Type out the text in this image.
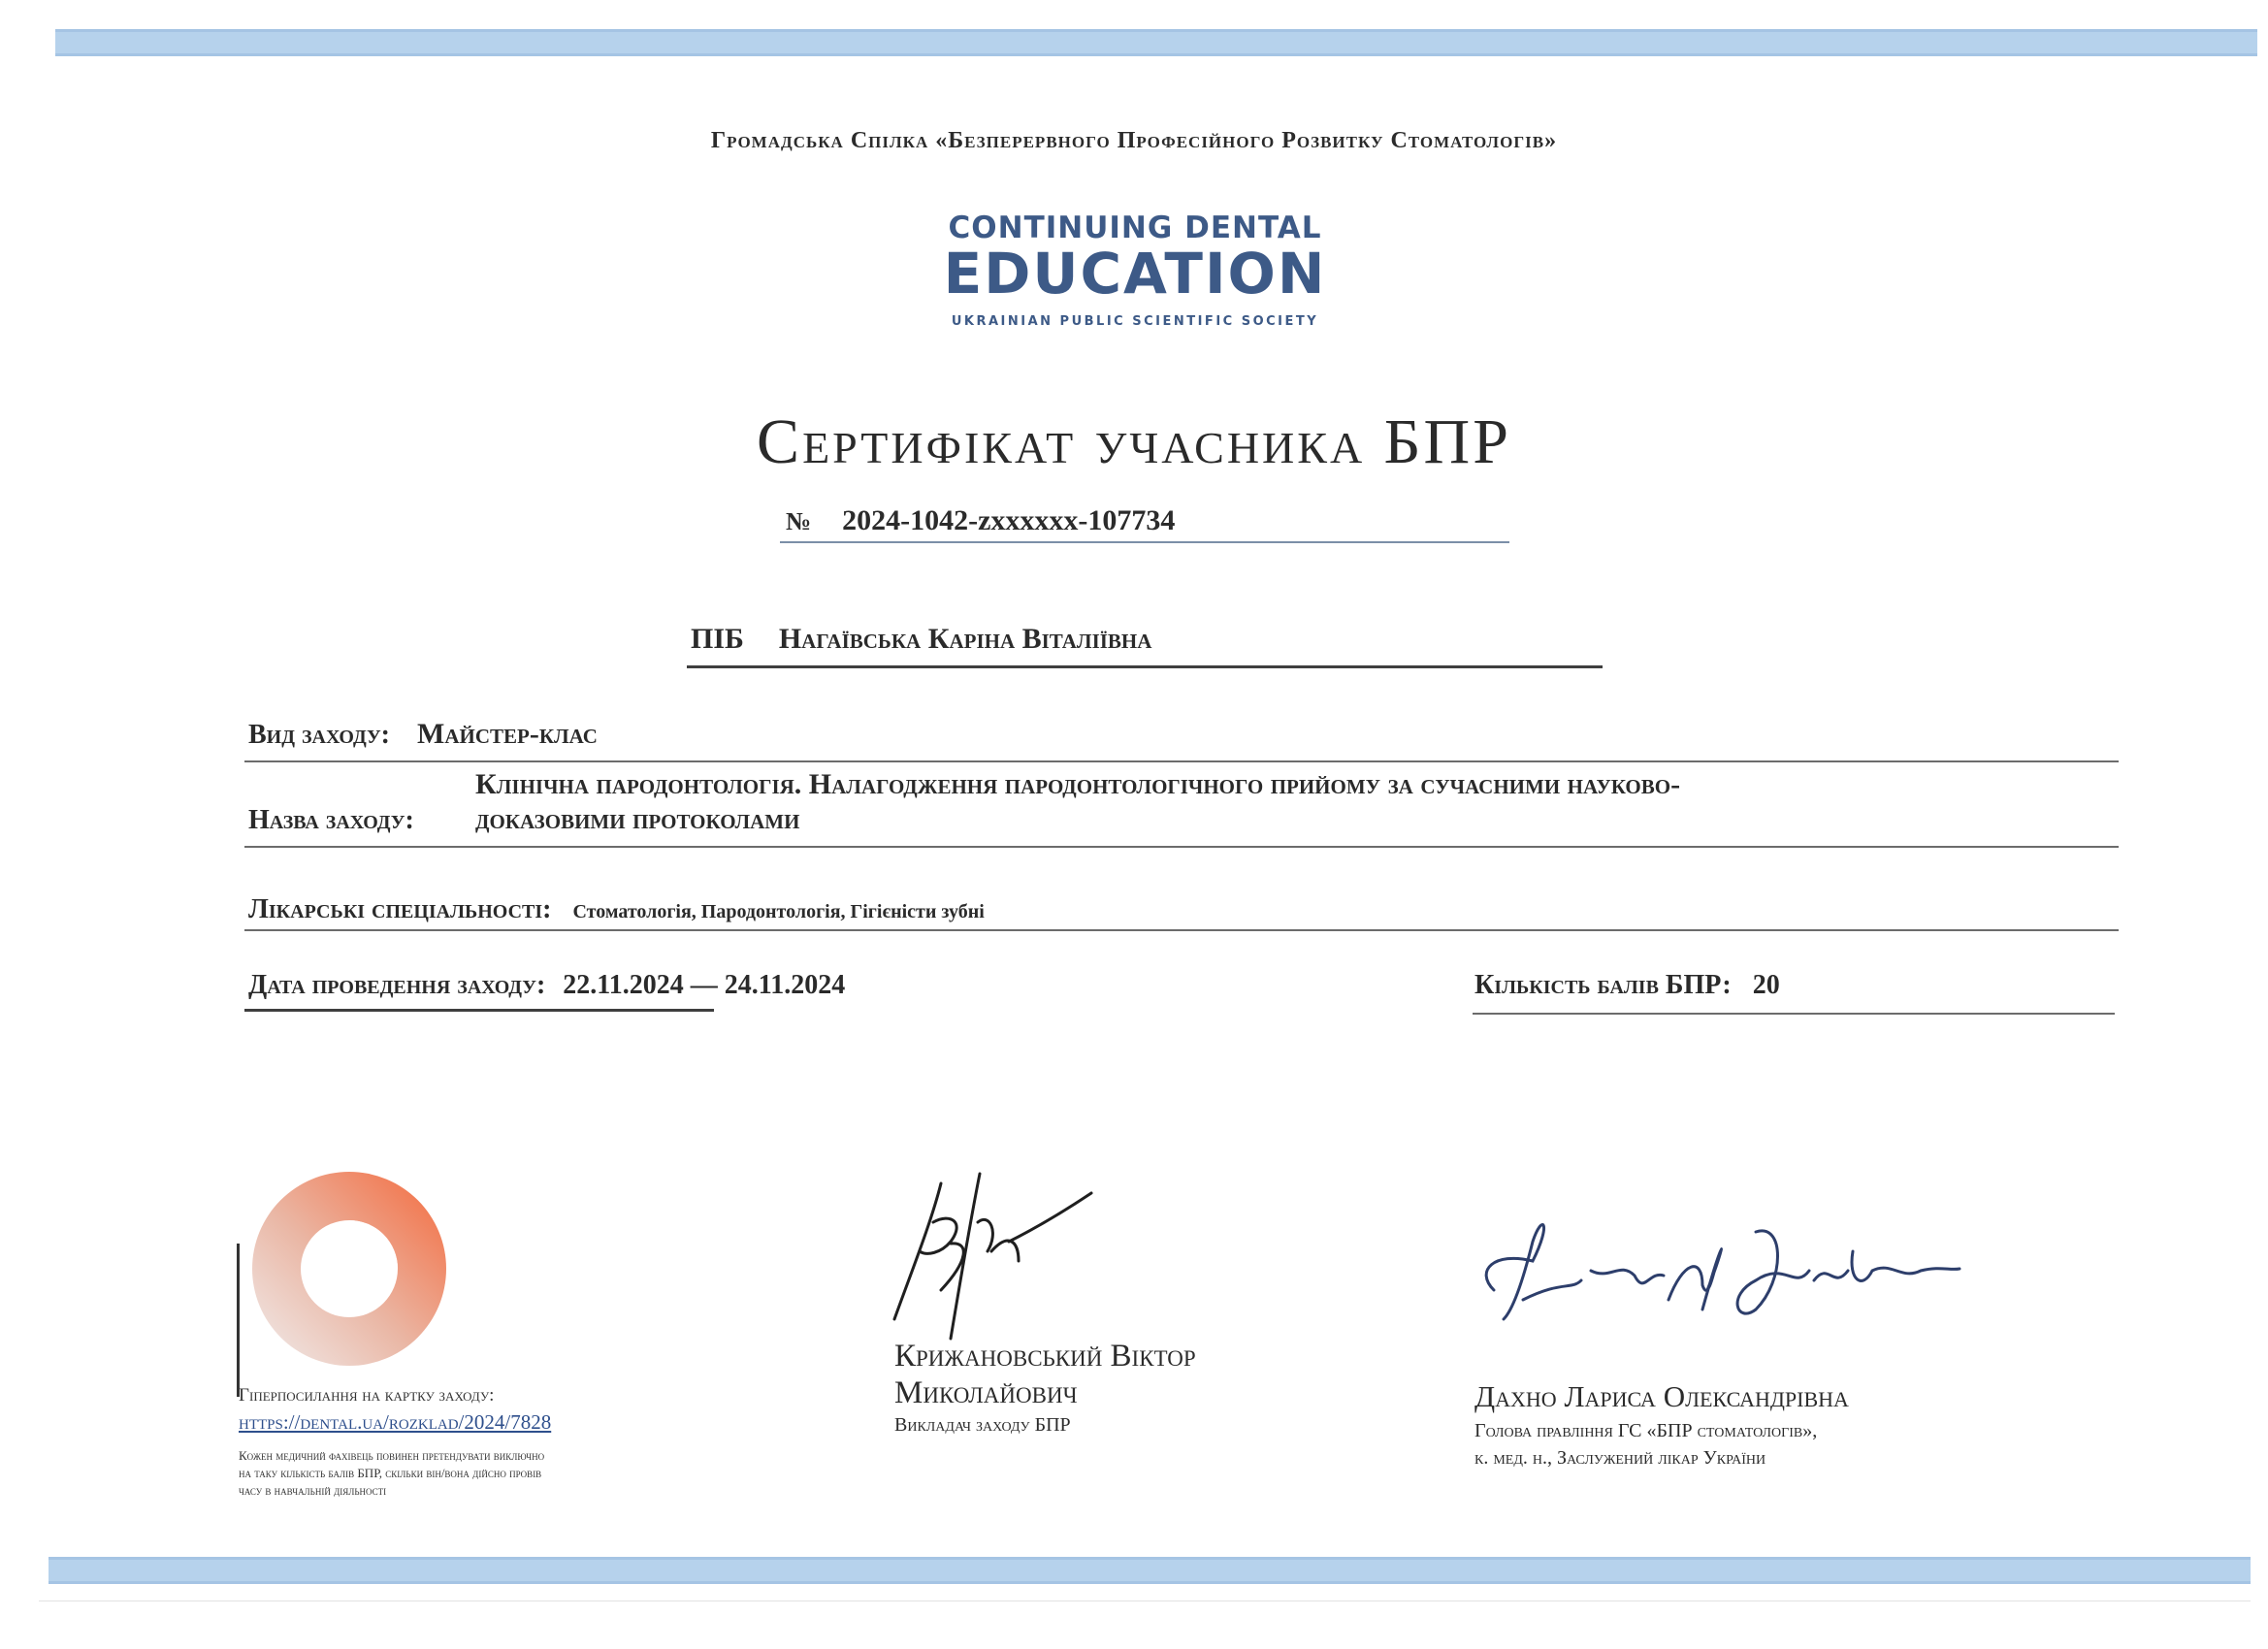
Громадська Спілка «Безперервного Професійного Розвитку Стоматологів»
CONTINUING DENTAL
EDUCATION
UKRAINIAN PUBLIC SCIENTIFIC SOCIETY
Сертифікат учасника БПР
№ 2024-1042-zxxxxxx-107734
ПІБ Нагаївська Каріна Віталіївна
Вид заходу: Майстер-клас
Клінічна пародонтологія. Налагодження пародонтологічного прийому за сучасними науково-
Назва заходу: доказовими протоколами
Лікарські спеціальності: Стоматологія, Пародонтологія, Гігієністи зубні
Дата проведення заходу: 22.11.2024 — 24.11.2024	Кількість балів БПР: 20
Гіперпосилання на картку заходу:
https://dental.ua/rozklad/2024/7828
Кожен медичний фахівець повинен претендувати виключно
на таку кількість балів БПР, скільки він/вона дійсно провів
часу в навчальній діяльності
Крижановський Віктор
Миколайович
Викладач заходу БПР
Дахно Лариса Олександрівна
Голова правління ГС «БПР стоматологів»,
к. мед. н., Заслужений лікар України
